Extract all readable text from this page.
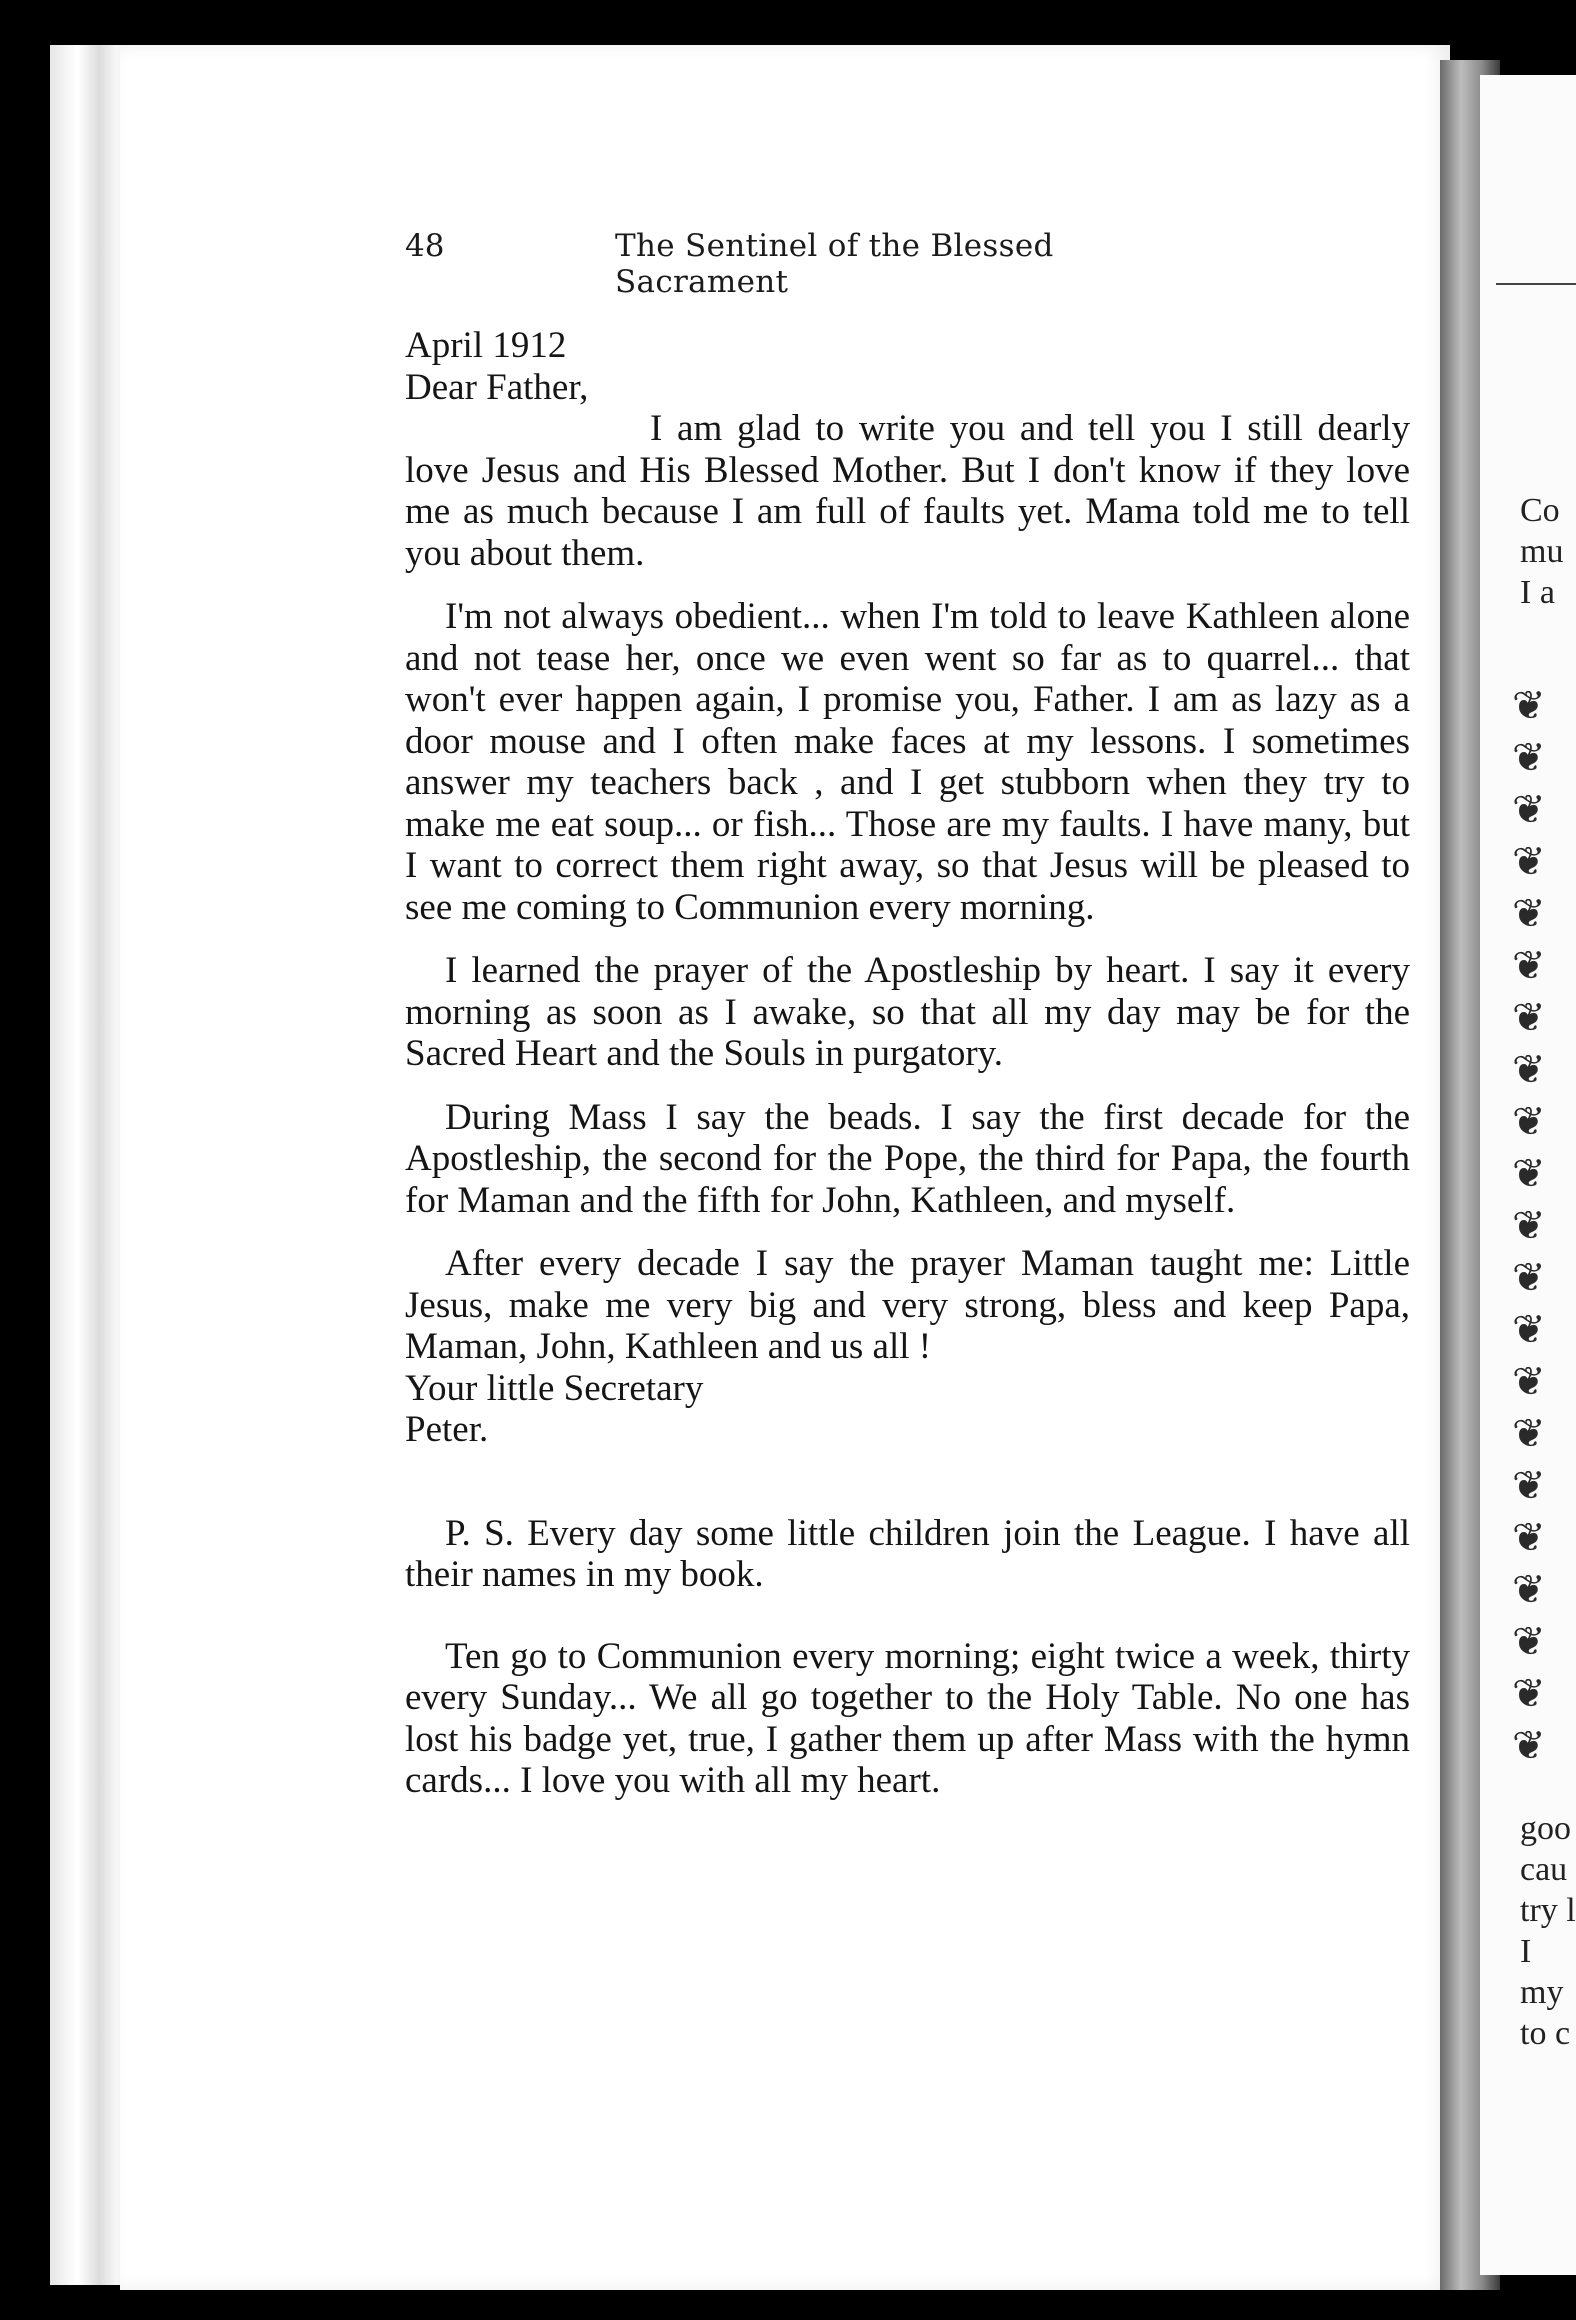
48	The Sentinel of the Blessed Sacrament

April 1912

Dear Father,

I am glad to write you and tell you I still dearly love Jesus and His Blessed Mother. But I don't know if they love me as much because I am full of faults yet. Mama told me to tell you about them.

I'm not always obedient... when I'm told to leave Kathleen alone and not tease her, once we even went so far as to quarrel... that won't ever happen again, I promise you, Father. I am as lazy as a door mouse and I often make faces at my lessons. I sometimes answer my teachers back , and I get stubborn when they try to make me eat soup... or fish... Those are my faults. I have many, but I want to correct them right away, so that Jesus will be pleased to see me coming to Communion every morning.

I learned the prayer of the Apostleship by heart. I say it every morning as soon as I awake, so that all my day may be for the Sacred Heart and the Souls in purgatory.

During Mass I say the beads. I say the first decade for the Apostleship, the second for the Pope, the third for Papa, the fourth for Maman and the fifth for John, Kathleen, and myself.

After every decade I say the prayer Maman taught me: Little Jesus, make me very big and very strong, bless and keep Papa, Maman, John, Kathleen and us all !

Your little Secretary

Peter.

P. S. Every day some little children join the League. I have all their names in my book.

Ten go to Communion every morning; eight twice a week, thirty every Sunday... We all go together to the Holy Table. No one has lost his badge yet, true, I gather them up after Mass with the hymn cards... I love you with all my heart.

Co
mu
I a
goo
cau
try l
I
my
to c
❦
❦
❦
❦
❦
❦
❦
❦
❦
❦
❦
❦
❦
❦
❦
❦
❦
❦
❦
❦
❦
